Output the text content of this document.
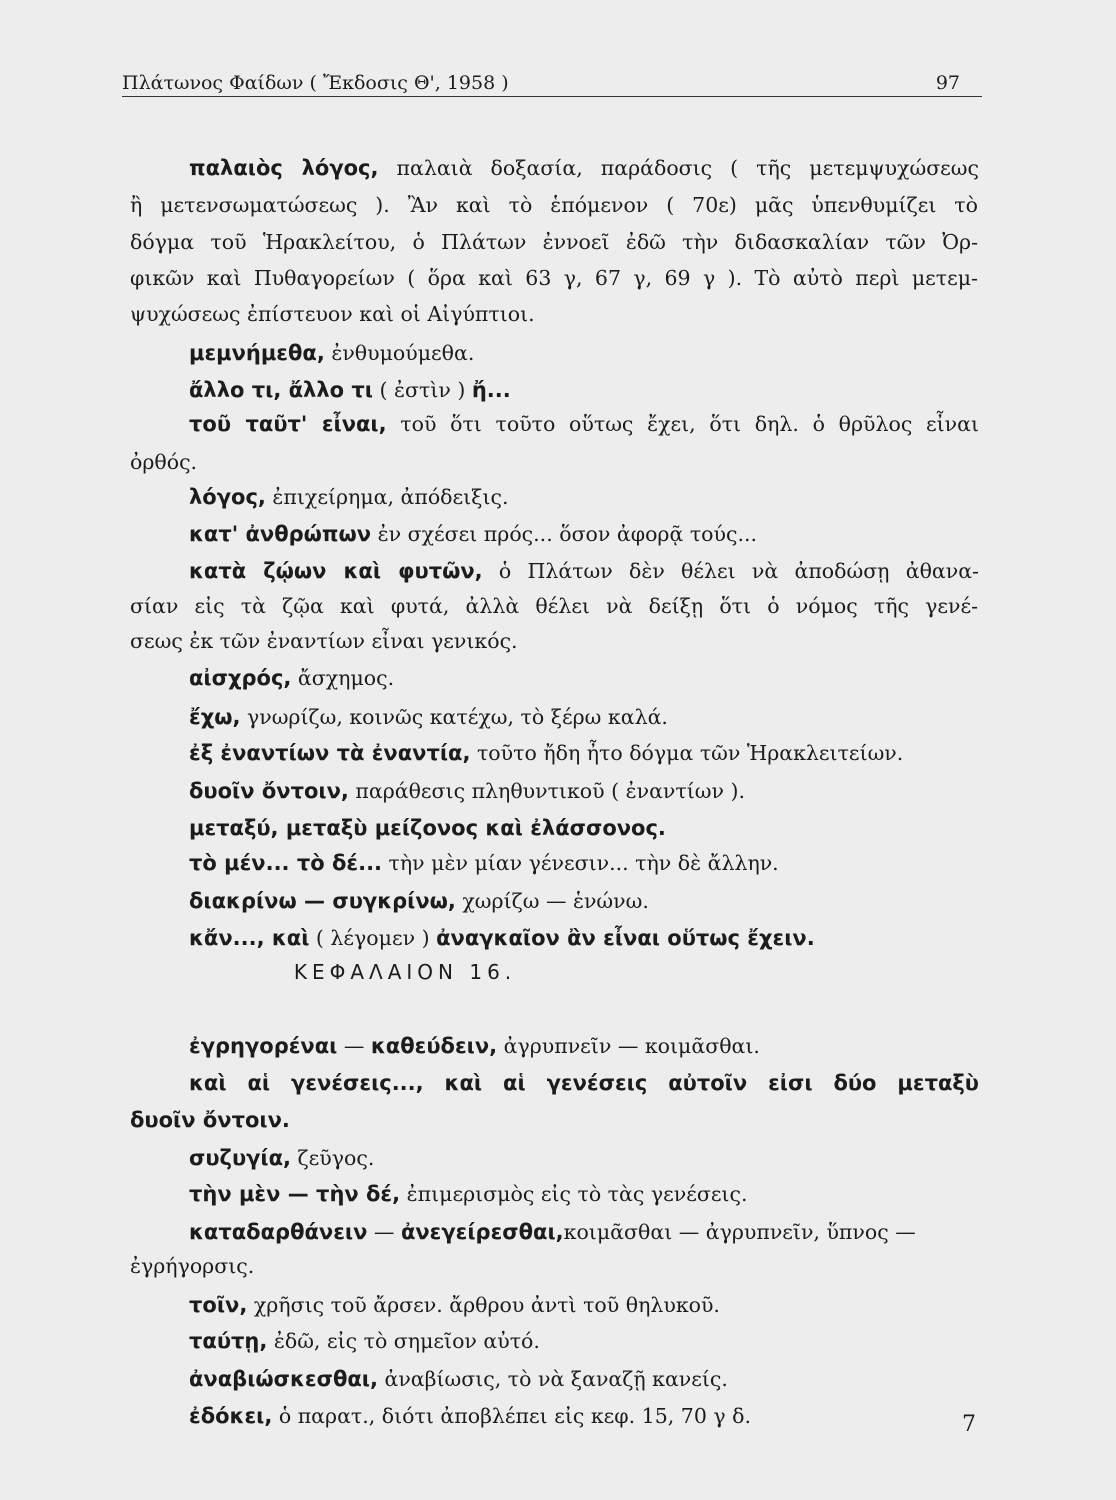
Πλάτωνος Φαίδων ( Ἔκδοσις Θ', 1958 )	97
παλαιὸς λόγος, παλαιὰ δοξασία, παράδοσις ( τῆς μετεμψυχώσεως
ἢ μετενσωματώσεως ). Ἂν καὶ τὸ ἑπόμενον ( 70ε) μᾶς ὑπενθυμίζει τὸ
δόγμα τοῦ Ἡρακλείτου, ὁ Πλάτων ἐννοεῖ ἐδῶ τὴν διδασκαλίαν τῶν Ὀρ-
φικῶν καὶ Πυθαγορείων ( ὅρα καὶ 63 γ, 67 γ, 69 γ ). Τὸ αὐτὸ περὶ μετεμ-
ψυχώσεως ἐπίστευον καὶ οἱ Αἰγύπτιοι.
μεμνήμεθα, ἐνθυμούμεθα.
ἄλλο τι, ἄλλο τι ( ἐστὶν ) ἤ...
τοῦ ταῦτ' εἶναι, τοῦ ὅτι τοῦτο οὕτως ἔχει, ὅτι δηλ. ὁ θρῦλος εἶναι
ὀρθός.
λόγος, ἐπιχείρημα, ἀπόδειξις.
κατ' ἀνθρώπων ἐν σχέσει πρός... ὅσον ἀφορᾷ τούς...
κατὰ ζῴων καὶ φυτῶν, ὁ Πλάτων δὲν θέλει νὰ ἀποδώσῃ ἀθανα-
σίαν εἰς τὰ ζῷα καὶ φυτά, ἀλλὰ θέλει νὰ δείξῃ ὅτι ὁ νόμος τῆς γενέ-
σεως ἐκ τῶν ἐναντίων εἶναι γενικός.
αἰσχρός, ἄσχημος.
ἔχω, γνωρίζω, κοινῶς κατέχω, τὸ ξέρω καλά.
ἐξ ἐναντίων τὰ ἐναντία, τοῦτο ἤδη ἦτο δόγμα τῶν Ἡρακλειτείων.
δυοῖν ὄντοιν, παράθεσις πληθυντικοῦ ( ἐναντίων ).
μεταξύ, μεταξὺ μείζονος καὶ ἐλάσσονος.
τὸ μέν... τὸ δέ... τὴν μὲν μίαν γένεσιν... τὴν δὲ ἄλλην.
διακρίνω — συγκρίνω, χωρίζω — ἑνώνω.
κἄν..., καὶ ( λέγομεν ) ἀναγκαῖον ἂν εἶναι οὕτως ἔχειν.
ἐγρηγορέναι — καθεύδειν, ἀγρυπνεῖν — κοιμᾶσθαι.
καὶ αἱ γενέσεις..., καὶ αἱ γενέσεις αὐτοῖν εἰσι δύο μεταξὺ
δυοῖν ὄντοιν.
συζυγία, ζεῦγος.
τὴν μὲν — τὴν δέ, ἐπιμερισμὸς εἰς τὸ τὰς γενέσεις.
καταδαρθάνειν — ἀνεγείρεσθαι,κοιμᾶσθαι — ἀγρυπνεῖν, ὕπνος —
ἐγρήγορσις.
τοῖν, χρῆσις τοῦ ἄρσεν. ἄρθρου ἀντὶ τοῦ θηλυκοῦ.
ταύτῃ, ἐδῶ, εἰς τὸ σημεῖον αὐτό.
ἀναβιώσκεσθαι, ἀναβίωσις, τὸ νὰ ξαναζῇ κανείς.
ἐδόκει, ὁ παρατ., διότι ἀποβλέπει εἰς κεφ. 15, 70 γ δ.
ΚΕΦΑΛΑΙΟΝ 16.
7
